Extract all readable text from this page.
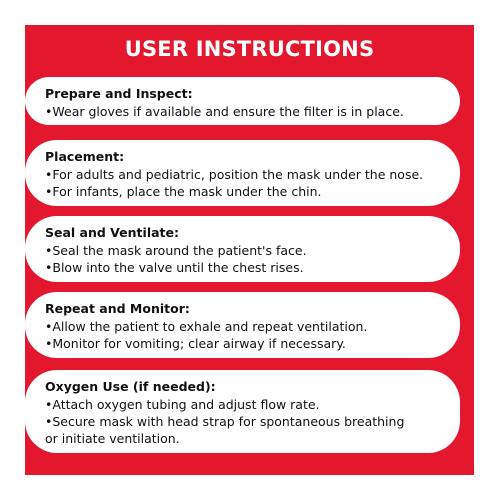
USER INSTRUCTIONS
Prepare and Inspect:
•Wear gloves if available and ensure the filter is in place.
Placement:
•For adults and pediatric, position the mask under the nose.
•For infants, place the mask under the chin.
Seal and Ventilate:
•Seal the mask around the patient's face.
•Blow into the valve until the chest rises.
Repeat and Monitor:
•Allow the patient to exhale and repeat ventilation.
•Monitor for vomiting; clear airway if necessary.
Oxygen Use (if needed):
•Attach oxygen tubing and adjust flow rate.
•Secure mask with head strap for spontaneous breathing
or initiate ventilation.
